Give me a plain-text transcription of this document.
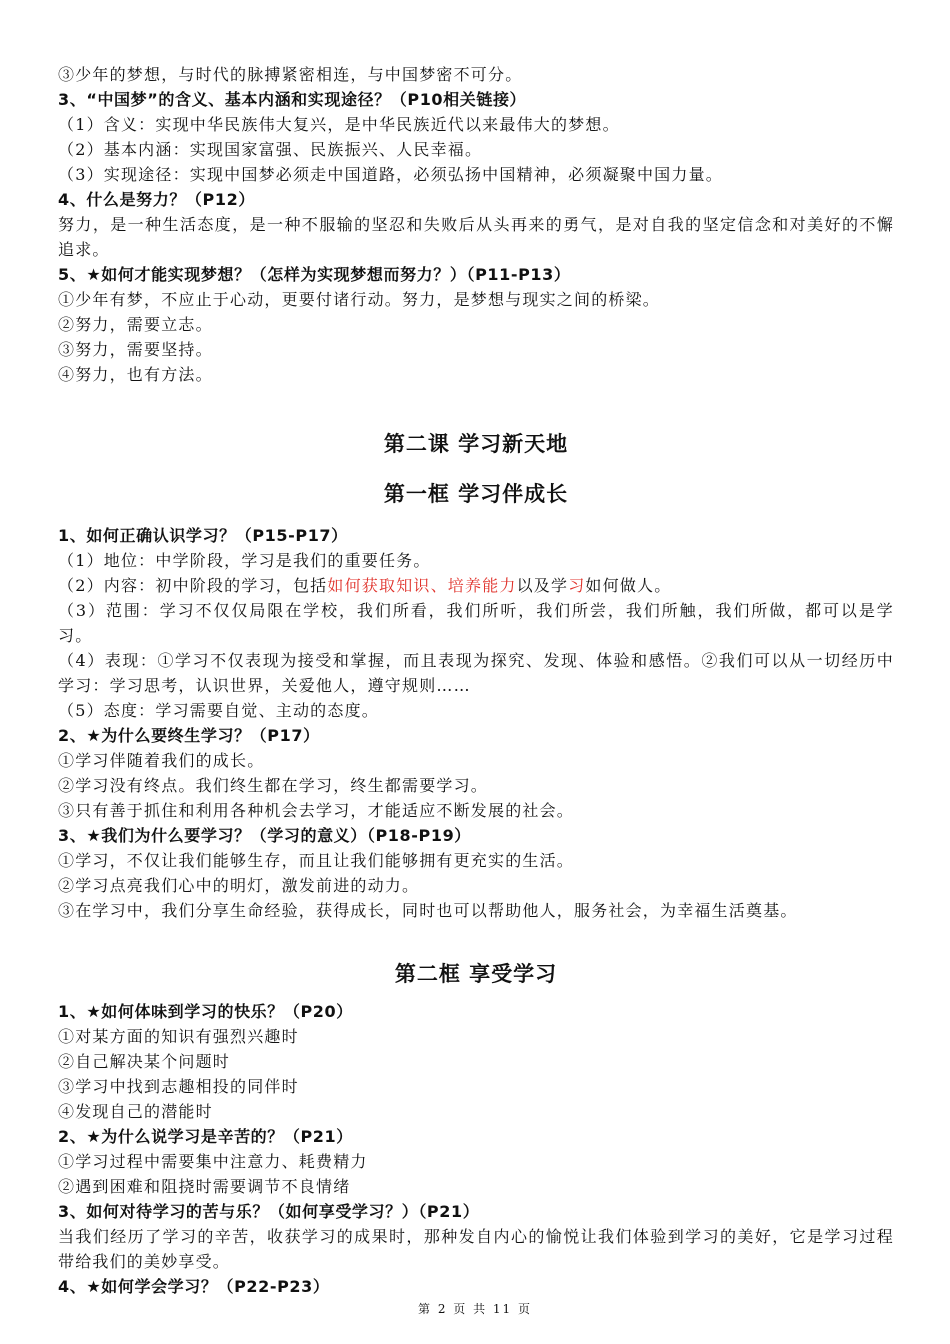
③少年的梦想，与时代的脉搏紧密相连，与中国梦密不可分。
3、“中国梦”的含义、基本内涵和实现途径？（P10相关链接）
（1）含义：实现中华民族伟大复兴，是中华民族近代以来最伟大的梦想。
（2）基本内涵：实现国家富强、民族振兴、人民幸福。
（3）实现途径：实现中国梦必须走中国道路，必须弘扬中国精神，必须凝聚中国力量。
4、什么是努力？（P12）
努力，是一种生活态度，是一种不服输的坚忍和失败后从头再来的勇气，是对自我的坚定信念和对美好的不懈追求。
5、★如何才能实现梦想？（怎样为实现梦想而努力？）（P11-P13）
①少年有梦，不应止于心动，更要付诸行动。努力，是梦想与现实之间的桥梁。
②努力，需要立志。
③努力，需要坚持。
④努力，也有方法。
第二课 学习新天地
第一框 学习伴成长
1、如何正确认识学习？（P15-P17）
（1）地位：中学阶段，学习是我们的重要任务。
（2）内容：初中阶段的学习，包括如何获取知识、培养能力以及学习如何做人。
（3）范围：学习不仅仅局限在学校，我们所看，我们所听，我们所尝，我们所触，我们所做，都可以是学习。
（4）表现：①学习不仅表现为接受和掌握，而且表现为探究、发现、体验和感悟。②我们可以从一切经历中学习：学习思考，认识世界，关爱他人，遵守规则……
（5）态度：学习需要自觉、主动的态度。
2、★为什么要终生学习？（P17）
①学习伴随着我们的成长。
②学习没有终点。我们终生都在学习，终生都需要学习。
③只有善于抓住和利用各种机会去学习，才能适应不断发展的社会。
3、★我们为什么要学习？（学习的意义）（P18-P19）
①学习，不仅让我们能够生存，而且让我们能够拥有更充实的生活。
②学习点亮我们心中的明灯，激发前进的动力。
③在学习中，我们分享生命经验，获得成长，同时也可以帮助他人，服务社会，为幸福生活奠基。
第二框 享受学习
1、★如何体味到学习的快乐？（P20）
①对某方面的知识有强烈兴趣时
②自己解决某个问题时
③学习中找到志趣相投的同伴时
④发现自己的潜能时
2、★为什么说学习是辛苦的？（P21）
①学习过程中需要集中注意力、耗费精力
②遇到困难和阻挠时需要调节不良情绪
3、如何对待学习的苦与乐？（如何享受学习？）（P21）
当我们经历了学习的辛苦，收获学习的成果时，那种发自内心的愉悦让我们体验到学习的美好，它是学习过程带给我们的美妙享受。
4、★如何学会学习？（P22-P23）
第 2 页 共 11 页
